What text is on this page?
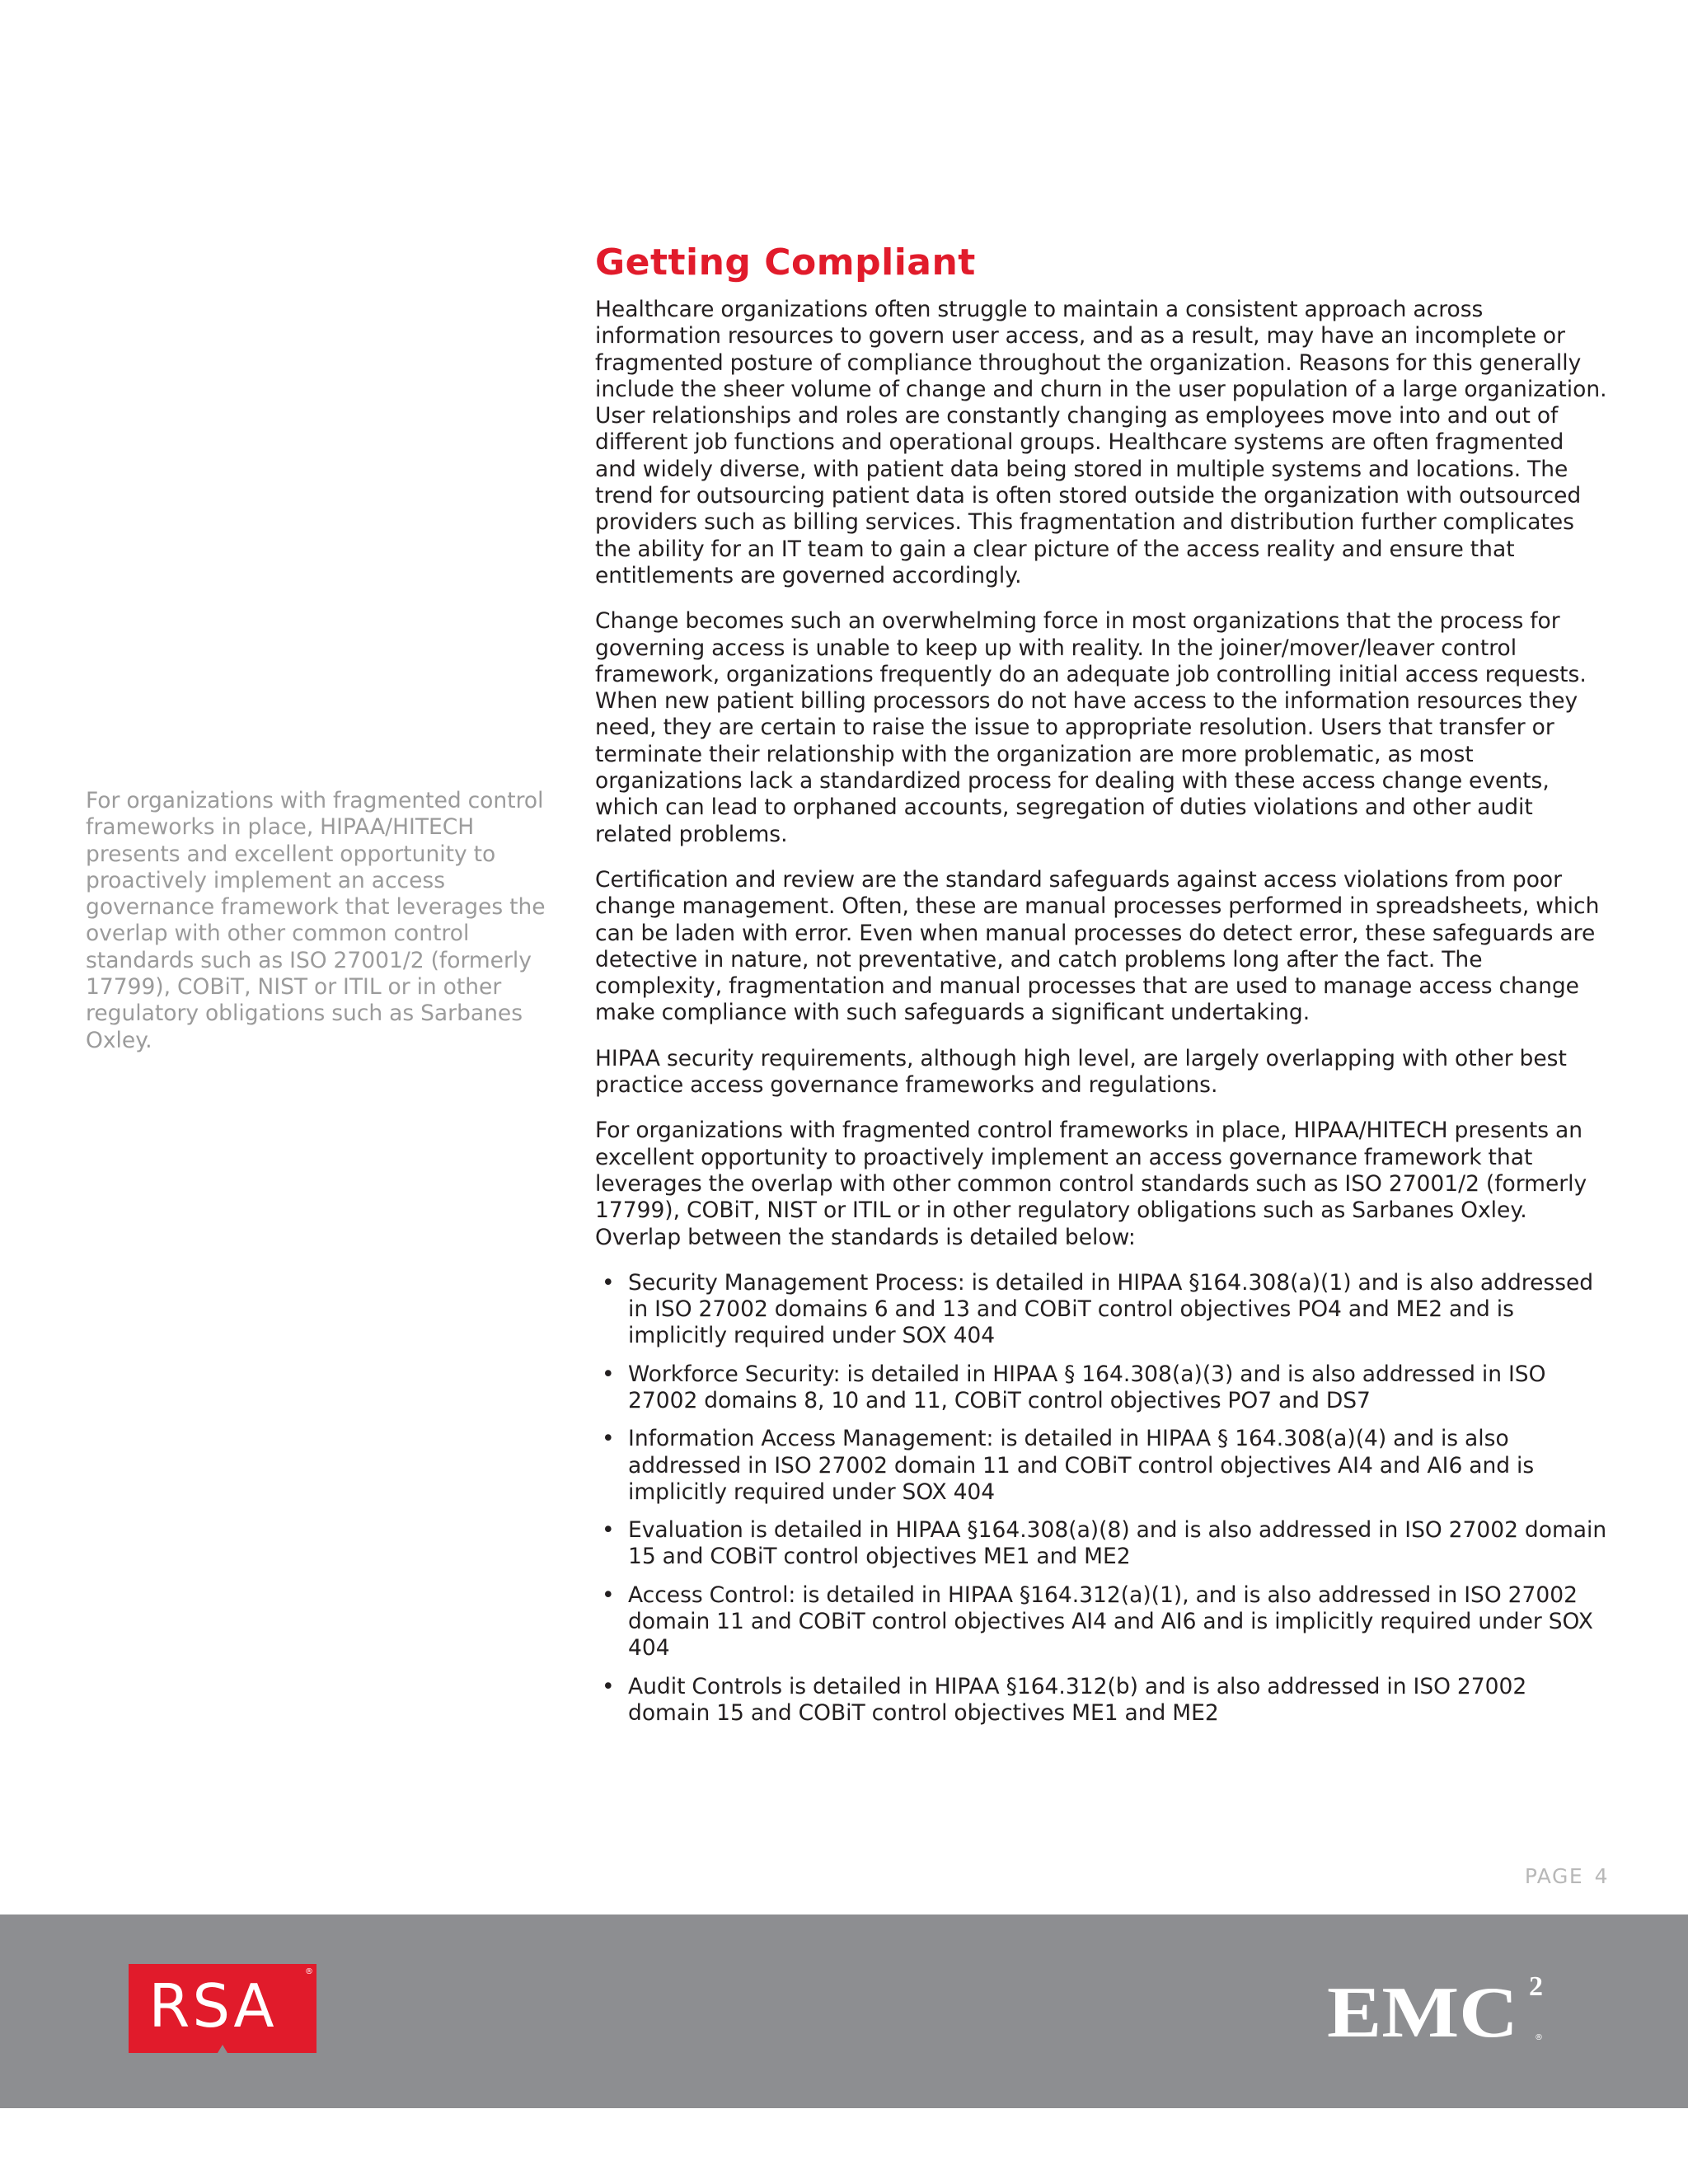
For organizations with fragmented control frameworks in place, HIPAA/HITECH presents and excellent opportunity to proactively implement an access governance framework that leverages the overlap with other common control standards such as ISO 27001/2 (formerly 17799), COBiT, NIST or ITIL or in other regulatory obligations such as Sarbanes Oxley.

Getting Compliant

Healthcare organizations often struggle to maintain a consistent approach across information resources to govern user access, and as a result, may have an incomplete or fragmented posture of compliance throughout the organization. Reasons for this generally include the sheer volume of change and churn in the user population of a large organization. User relationships and roles are constantly changing as employees move into and out of different job functions and operational groups. Healthcare systems are often fragmented and widely diverse, with patient data being stored in multiple systems and locations. The trend for outsourcing patient data is often stored outside the organization with outsourced providers such as billing services. This fragmentation and distribution further complicates the ability for an IT team to gain a clear picture of the access reality and ensure that entitlements are governed accordingly.

Change becomes such an overwhelming force in most organizations that the process for governing access is unable to keep up with reality. In the joiner/mover/leaver control framework, organizations frequently do an adequate job controlling initial access requests. When new patient billing processors do not have access to the information resources they need, they are certain to raise the issue to appropriate resolution. Users that transfer or terminate their relationship with the organization are more problematic, as most organizations lack a standardized process for dealing with these access change events, which can lead to orphaned accounts, segregation of duties violations and other audit related problems.

Certification and review are the standard safeguards against access violations from poor change management. Often, these are manual processes performed in spreadsheets, which can be laden with error. Even when manual processes do detect error, these safeguards are detective in nature, not preventative, and catch problems long after the fact. The complexity, fragmentation and manual processes that are used to manage access change make compliance with such safeguards a significant undertaking.

HIPAA security requirements, although high level, are largely overlapping with other best practice access governance frameworks and regulations.

For organizations with fragmented control frameworks in place, HIPAA/HITECH presents an excellent opportunity to proactively implement an access governance framework that leverages the overlap with other common control standards such as ISO 27001/2 (formerly 17799), COBiT, NIST or ITIL or in other regulatory obligations such as Sarbanes Oxley. Overlap between the standards is detailed below:

• Security Management Process: is detailed in HIPAA §164.308(a)(1) and is also addressed in ISO 27002 domains 6 and 13 and COBiT control objectives PO4 and ME2 and is implicitly required under SOX 404
• Workforce Security: is detailed in HIPAA § 164.308(a)(3) and is also addressed in ISO 27002 domains 8, 10 and 11, COBiT control objectives PO7 and DS7
• Information Access Management: is detailed in HIPAA § 164.308(a)(4) and is also addressed in ISO 27002 domain 11 and COBiT control objectives AI4 and AI6 and is implicitly required under SOX 404
• Evaluation is detailed in HIPAA §164.308(a)(8) and is also addressed in ISO 27002 domain 15 and COBiT control objectives ME1 and ME2
• Access Control: is detailed in HIPAA §164.312(a)(1), and is also addressed in ISO 27002 domain 11 and COBiT control objectives AI4 and AI6 and is implicitly required under SOX 404
• Audit Controls is detailed in HIPAA §164.312(b) and is also addressed in ISO 27002 domain 15 and COBiT control objectives ME1 and ME2
PAGE 4
RSA	®
EMC 2
®
